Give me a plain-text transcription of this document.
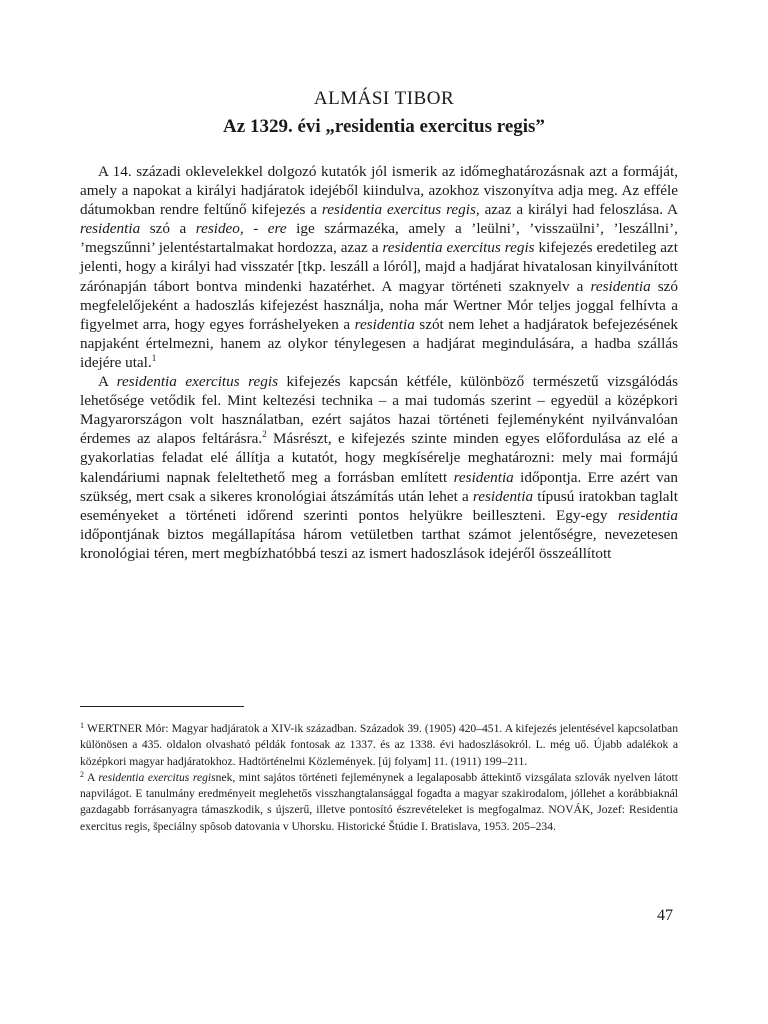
ALMÁSI TIBOR
Az 1329. évi „residentia exercitus regis”

A 14. századi oklevelekkel dolgozó kutatók jól ismerik az időmeghatározásnak azt a formáját, amely a napokat a királyi hadjáratok idejéből kiindulva, azokhoz viszonyítva adja meg. Az efféle dátumokban rendre feltűnő kifejezés a residentia exercitus regis, azaz a királyi had feloszlása. A residentia szó a resideo, - ere ige származéka, amely a ’leülni’, ’visszaülni’, ’leszállni’, ’megszűnni’ jelentéstartalmakat hordozza, azaz a residentia exercitus regis kifejezés eredetileg azt jelenti, hogy a királyi had visszatér [tkp. leszáll a lóról], majd a hadjárat hivatalosan kinyilvánított zárónapján tábort bontva mindenki hazatérhet. A magyar történeti szaknyelv a residentia szó megfelelőjeként a hadoszlás kifejezést használja, noha már Wertner Mór teljes joggal felhívta a figyelmet arra, hogy egyes forráshelyeken a residentia szót nem lehet a hadjáratok befejezésének napjaként értelmezni, hanem az olykor ténylegesen a hadjárat megindulására, a hadba szállás idejére utal.$^1$

A residentia exercitus regis kifejezés kapcsán kétféle, különböző természetű vizsgálódás lehetősége vetődik fel. Mint keltezési technika – a mai tudomás szerint – egyedül a középkori Magyarországon volt használatban, ezért sajátos hazai történeti fejleményként nyilvánvalóan érdemes az alapos feltárásra.$^2$ Másrészt, e kifejezés szinte minden egyes előfordulása az elé a gyakorlatias feladat elé állítja a kutatót, hogy megkísérelje meghatározni: mely mai formájú kalendáriumi napnak feleltethető meg a forrásban említett residentia időpontja. Erre azért van szükség, mert csak a sikeres kronológiai átszámítás után lehet a residentia típusú iratokban taglalt eseményeket a történeti időrend szerinti pontos helyükre beilleszteni. Egy-egy residentia időpontjának biztos megállapítása három vetületben tarthat számot jelentőségre, nevezetesen kronológiai téren, mert megbízhatóbbá teszi az ismert hadoszlások idejéről összeállított

$^1$ WERTNER Mór: Magyar hadjáratok a XIV-ik században. Századok 39. (1905) 420–451. A kifejezés jelentésével kapcsolatban különösen a 435. oldalon olvasható példák fontosak az 1337. és az 1338. évi hadoszlásokról. L. még uő. Újabb adalékok a középkori magyar hadjáratokhoz. Hadtörténelmi Közlemények. [új folyam] 11. (1911) 199–211.

$^2$ A residentia exercitus regisnek, mint sajátos történeti fejleménynek a legalaposabb áttekintő vizsgálata szlovák nyelven látott napvilágot. E tanulmány eredményeit meglehetős visszhangtalansággal fogadta a magyar szakirodalom, jóllehet a korábbiaknál gazdagabb forrásanyagra támaszkodik, s újszerű, illetve pontosító észrevételeket is megfogalmaz. NOVÁK, Jozef: Residentia exercitus regis, špeciálny spôsob datovania v Uhorsku. Historické Štúdie I. Bratislava, 1953. 205–234.

47
